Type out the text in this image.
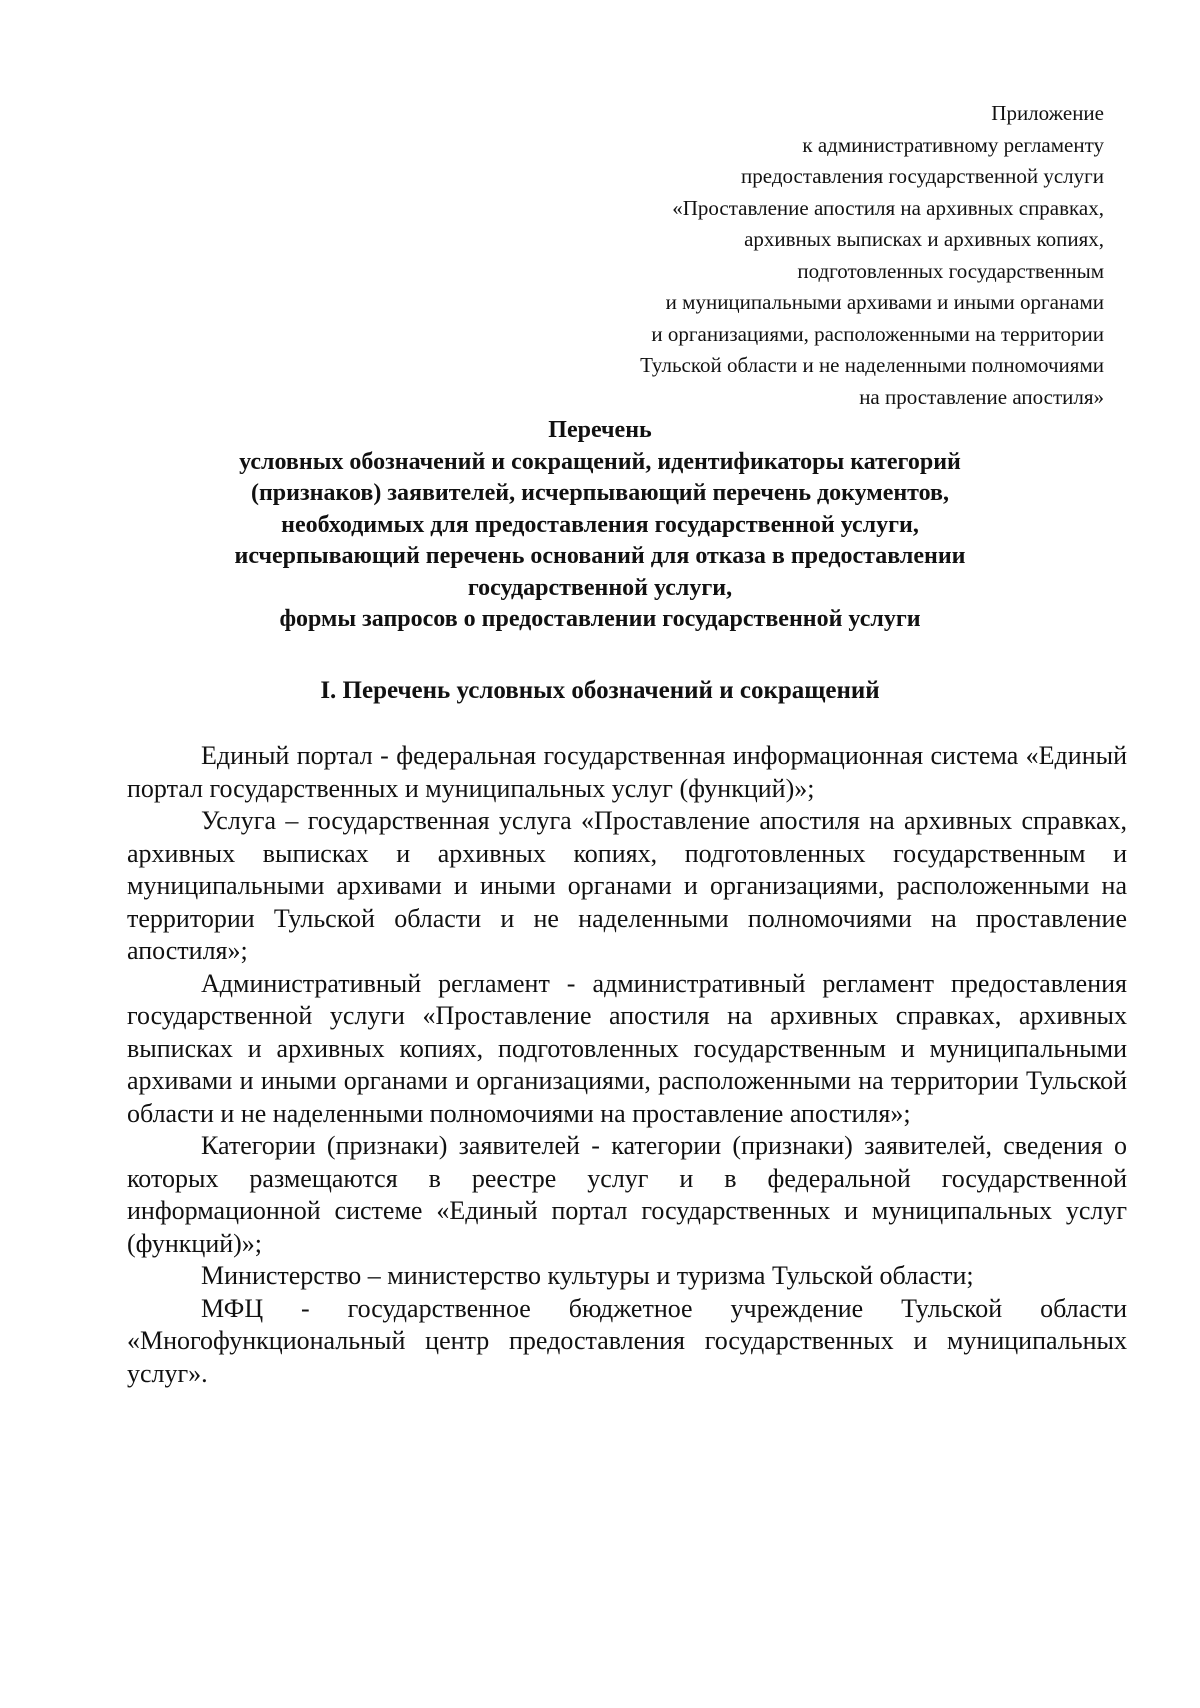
Приложение
к административному регламенту
предоставления государственной услуги
«Проставление апостиля на архивных справках,
архивных выписках и архивных копиях,
подготовленных государственным
и муниципальными архивами и иными органами
и организациями, расположенными на территории
Тульской области и не наделенными полномочиями
на проставление апостиля»
Перечень
условных обозначений и сокращений, идентификаторы категорий
(признаков) заявителей, исчерпывающий перечень документов,
необходимых для предоставления государственной услуги,
исчерпывающий перечень оснований для отказа в предоставлении
государственной услуги,
формы запросов о предоставлении государственной услуги
I. Перечень условных обозначений и сокращений

Единый портал - федеральная государственная информационная система «Единый портал государственных и муниципальных услуг (функций)»;

Услуга – государственная услуга «Проставление апостиля на архивных справках, архивных выписках и архивных копиях, подготовленных государственным и муниципальными архивами и иными органами и организациями, расположенными на территории Тульской области и не наделенными полномочиями на проставление апостиля»;

Административный регламент - административный регламент предоставления государственной услуги «Проставление апостиля на архивных справках, архивных выписках и архивных копиях, подготовленных государственным и муниципальными архивами и иными органами и организациями, расположенными на территории Тульской области и не наделенными полномочиями на проставление апостиля»;

Категории (признаки) заявителей - категории (признаки) заявителей, сведения о которых размещаются в реестре услуг и в федеральной государственной информационной системе «Единый портал государственных и муниципальных услуг (функций)»;

Министерство – министерство культуры и туризма Тульской области;

МФЦ - государственное бюджетное учреждение Тульской области «Многофункциональный центр предоставления государственных и муниципальных услуг».
